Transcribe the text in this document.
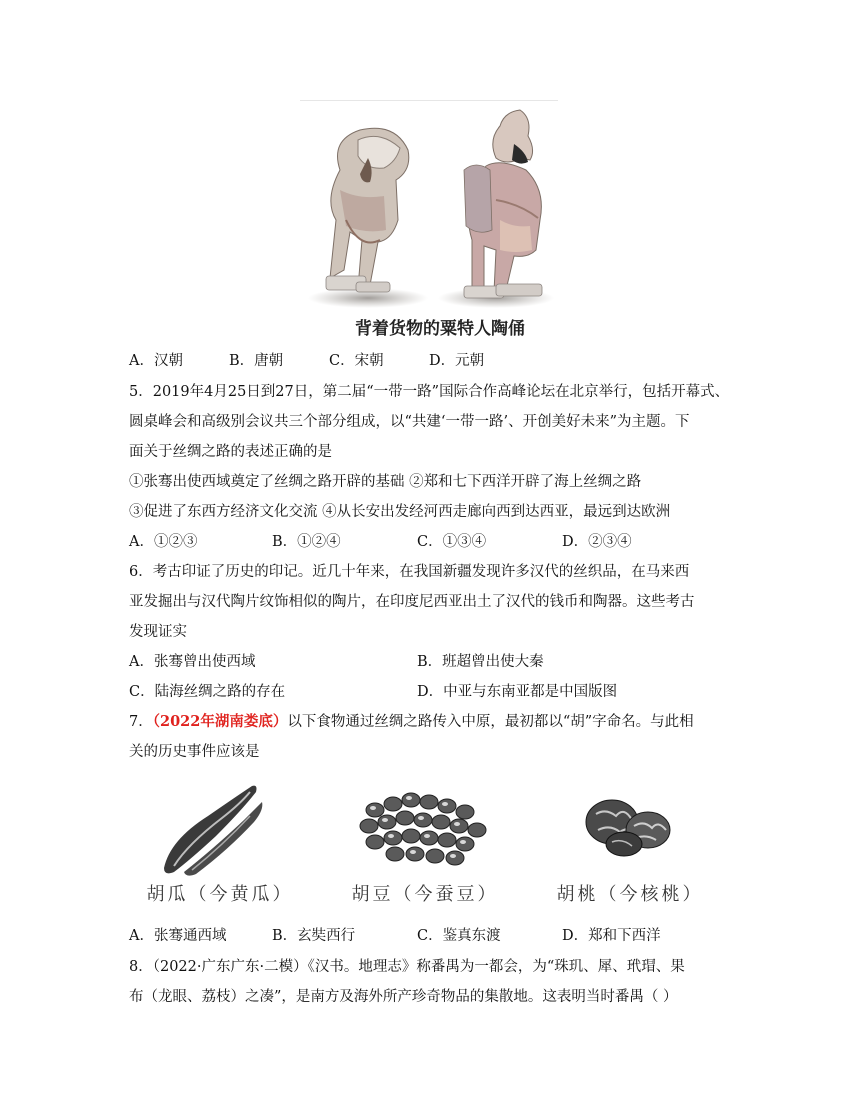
背着货物的粟特人陶俑
A．汉朝	B．唐朝	C．宋朝	D．元朝
5．2019年4月25日到27日，第二届“一带一路”国际合作高峰论坛在北京举行，包括开幕式、
圆桌峰会和高级别会议共三个部分组成，以“共建‘一带一路’、开创美好未来”为主题。下
面关于丝绸之路的表述正确的是
①张骞出使西域奠定了丝绸之路开辟的基础 ②郑和七下西洋开辟了海上丝绸之路
③促进了东西方经济文化交流 ④从长安出发经河西走廊向西到达西亚，最远到达欧洲
A．①②③	B．①②④	C．①③④	D．②③④
6．考古印证了历史的印记。近几十年来，在我国新疆发现许多汉代的丝织品，在马来西
亚发掘出与汉代陶片纹饰相似的陶片，在印度尼西亚出土了汉代的钱币和陶器。这些考古
发现证实
A．张骞曾出使西域	B．班超曾出使大秦
C．陆海丝绸之路的存在	D．中亚与东南亚都是中国版图
7．（2022年湖南娄底）以下食物通过丝绸之路传入中原，最初都以“胡”字命名。与此相
关的历史事件应该是
胡瓜（今黄瓜）	胡豆（今蚕豆）	胡桃（今核桃）
A．张骞通西域	B．玄奘西行	C．鉴真东渡	D．郑和下西洋
8．（2022·广东广东·二模）《汉书。地理志》称番禺为一都会，为“珠玑、犀、玳瑁、果
布（龙眼、荔枝）之凑”，是南方及海外所产珍奇物品的集散地。这表明当时番禺（ ）
